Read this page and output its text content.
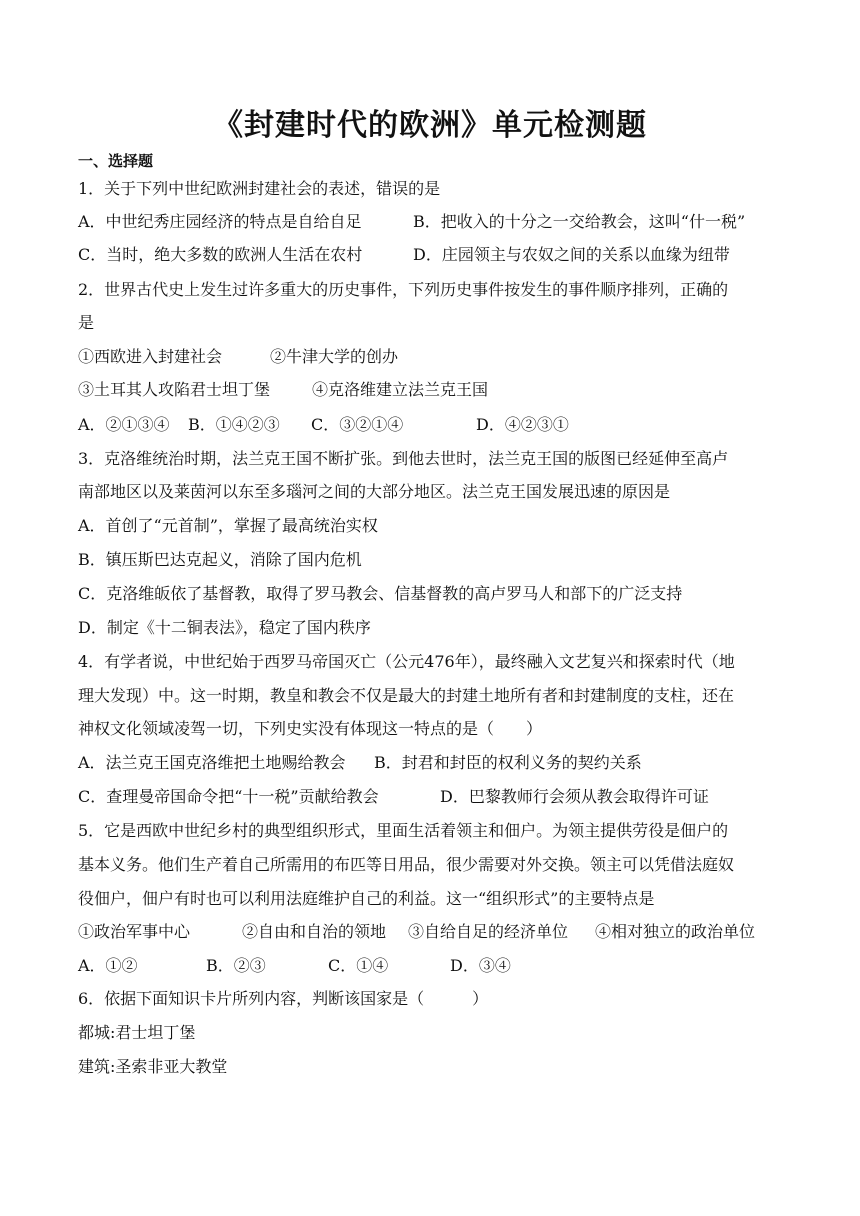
《封建时代的欧洲》单元检测题
一、选择题
1．关于下列中世纪欧洲封建社会的表述，错误的是
A．中世纪秀庄园经济的特点是自给自足	B．把收入的十分之一交给教会，这叫“什一税”
C．当时，绝大多数的欧洲人生活在农村	D．庄园领主与农奴之间的关系以血缘为纽带
2．世界古代史上发生过许多重大的历史事件，下列历史事件按发生的事件顺序排列，正确的
是
①西欧进入封建社会	②牛津大学的创办
③土耳其人攻陷君士坦丁堡	④克洛维建立法兰克王国
A．②①③④ B．①④②③ C．③②①④	D．④②③①
3．克洛维统治时期，法兰克王国不断扩张。到他去世时，法兰克王国的版图已经延伸至高卢
南部地区以及莱茵河以东至多瑙河之间的大部分地区。法兰克王国发展迅速的原因是
A．首创了“元首制”，掌握了最高统治实权
B．镇压斯巴达克起义，消除了国内危机
C．克洛维皈依了基督教，取得了罗马教会、信基督教的高卢罗马人和部下的广泛支持
D．制定《十二铜表法》，稳定了国内秩序
4．有学者说，中世纪始于西罗马帝国灭亡（公元476年），最终融入文艺复兴和探索时代（地
理大发现）中。这一时期，教皇和教会不仅是最大的封建土地所有者和封建制度的支柱，还在
神权文化领域凌驾一切，下列史实没有体现这一特点的是（　　）
A．法兰克王国克洛维把土地赐给教会 B．封君和封臣的权利义务的契约关系
C．查理曼帝国命令把“十一税”贡献给教会	D．巴黎教师行会须从教会取得许可证
5．它是西欧中世纪乡村的典型组织形式，里面生活着领主和佃户。为领主提供劳役是佃户的
基本义务。他们生产着自己所需用的布匹等日用品，很少需要对外交换。领主可以凭借法庭奴
役佃户，佃户有时也可以利用法庭维护自己的利益。这一“组织形式”的主要特点是
①政治军事中心	②自由和自治的领地 ③自给自足的经济单位 ④相对独立的政治单位
A．①②	B．②③	C．①④	D．③④
6．依据下面知识卡片所列内容，判断该国家是（　　　）
都城:君士坦丁堡
建筑:圣索非亚大教堂
